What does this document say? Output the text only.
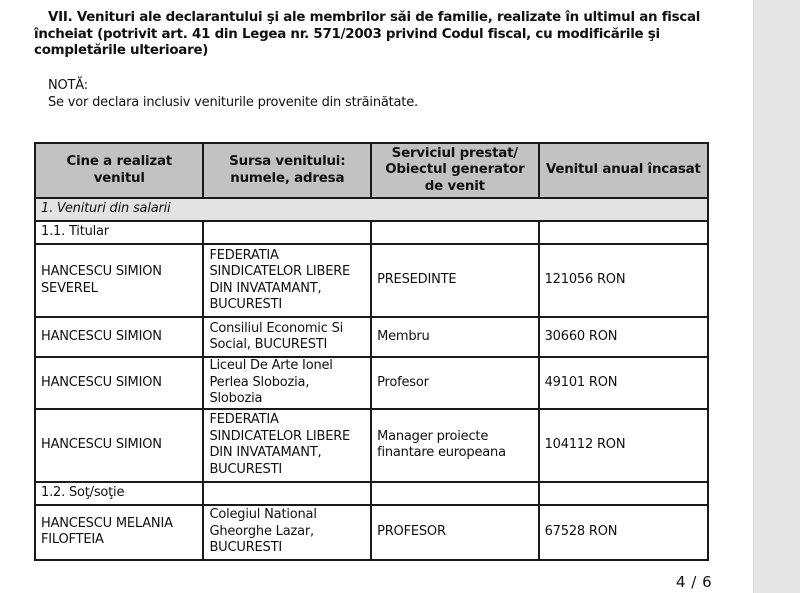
VII. Venituri ale declarantului şi ale membrilor săi de familie, realizate în ultimul an fiscal încheiat (potrivit art. 41 din Legea nr. 571/2003 privind Codul fiscal, cu modificările şi completările ulterioare)
NOTĂ:
Se vor declara inclusiv veniturile provenite din străinătate.
Cine a realizat venitul	Sursa venitului: numele, adresa	Serviciul prestat/ Obiectul generator de venit	Venitul anual încasat
1. Venituri din salarii			
1.1. Titular			
HANCESCU SIMION SEVEREL	FEDERATIA SINDICATELOR LIBERE DIN INVATAMANT, BUCURESTI	PRESEDINTE	121056 RON
HANCESCU SIMION	Consiliul Economic Si Social, BUCURESTI	Membru	30660 RON
HANCESCU SIMION	Liceul De Arte Ionel Perlea Slobozia, Slobozia	Profesor	49101 RON
HANCESCU SIMION	FEDERATIA SINDICATELOR LIBERE DIN INVATAMANT, BUCURESTI	Manager proiecte finantare europeana	104112 RON
1.2. Soţ/soţie			
HANCESCU MELANIA FILOFTEIA	Colegiul National Gheorghe Lazar, BUCURESTI	PROFESOR	67528 RON
4 / 6
